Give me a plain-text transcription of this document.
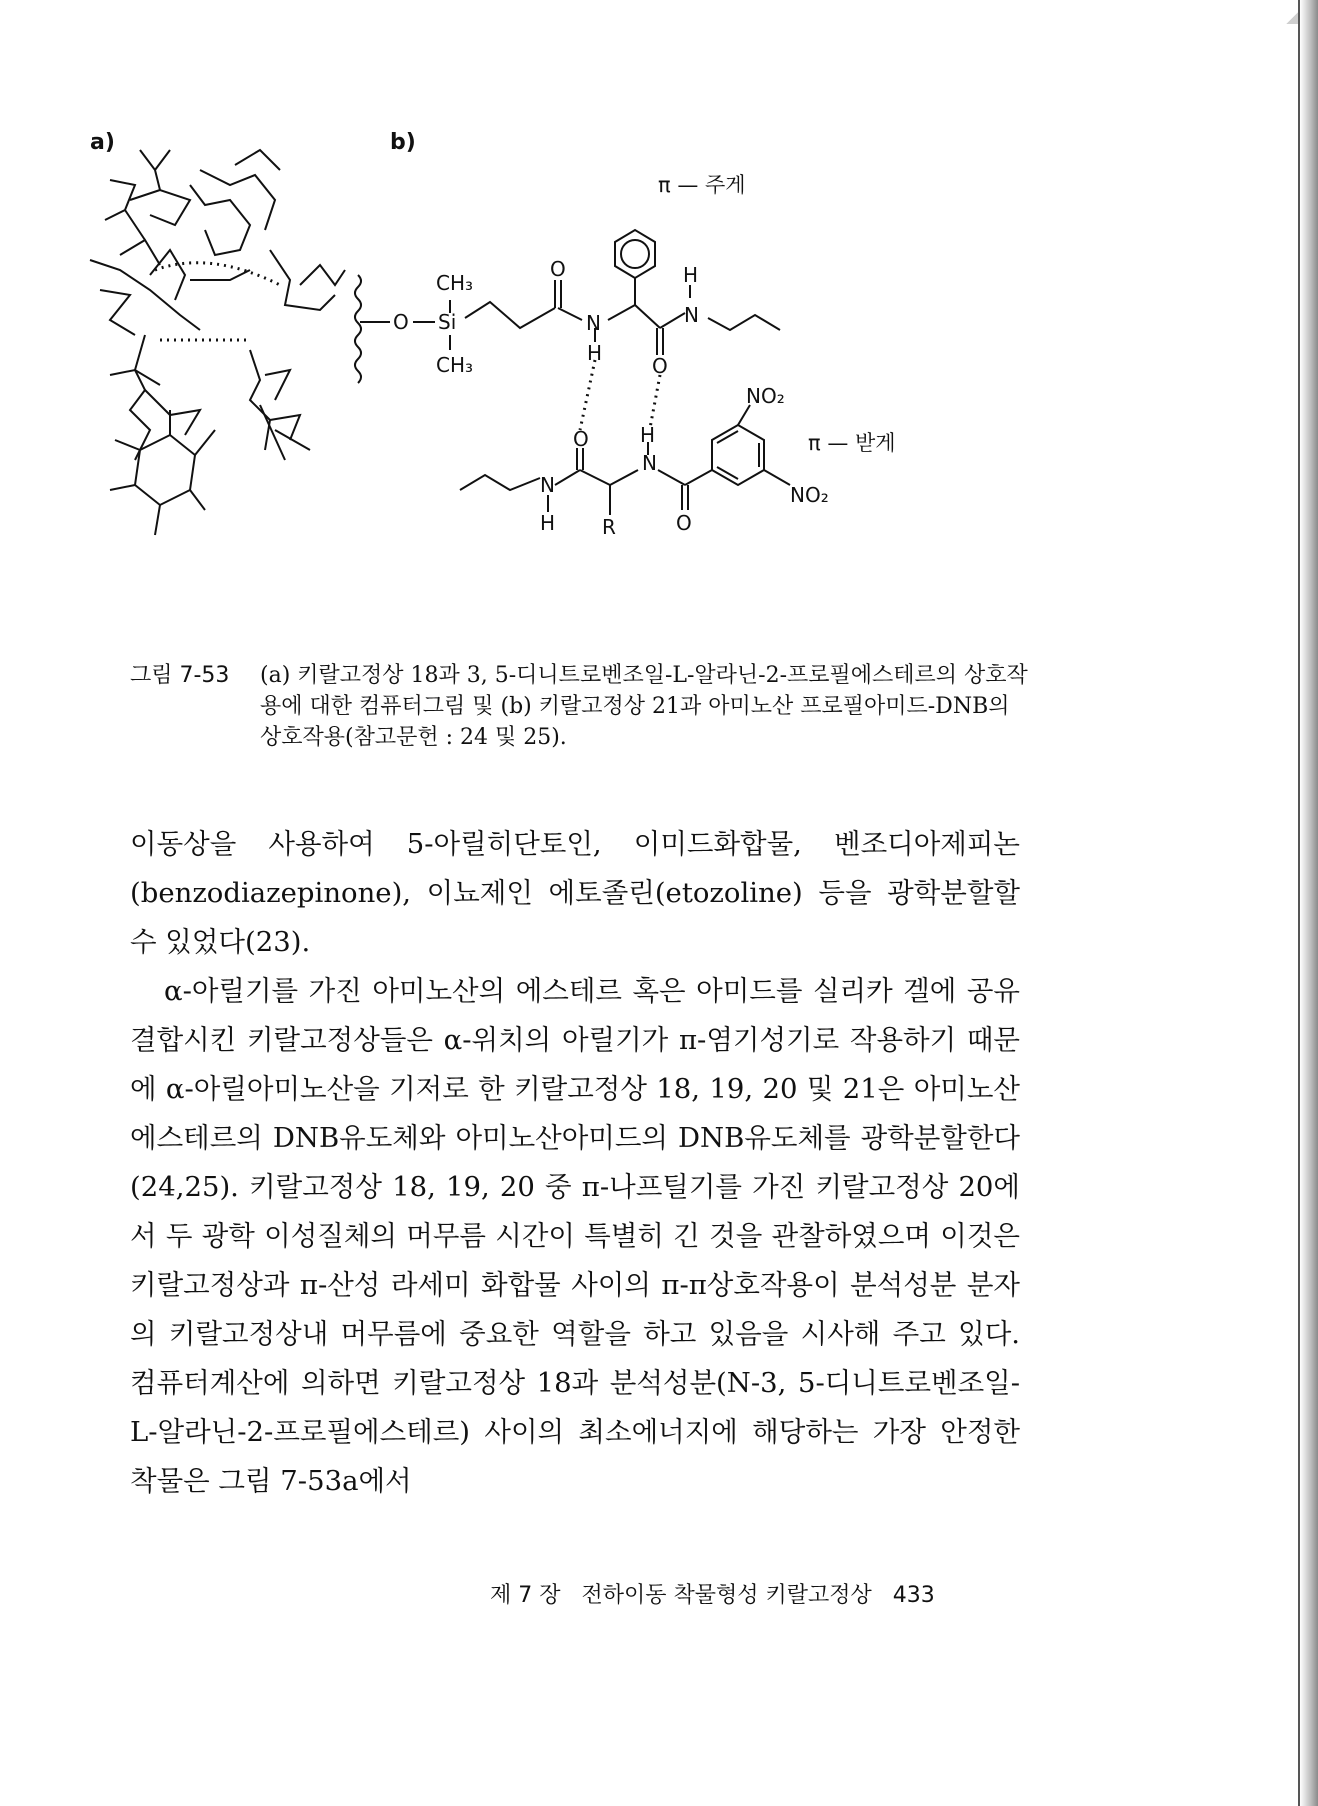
a)	b)
CH₃
CH₃
O Si
O
N
H
H
N
O
NO₂
NO₂
O	H
N
N
H R	O
π — 주게
π — 받게
그림 7-53 (a) 키랄고정상 18과 3, 5-디니트로벤조일-L-알라닌-2-프로필에스테르의 상호작용에 대한 컴퓨터그림 및 (b) 키랄고정상 21과 아미노산 프로필아미드-DNB의 상호작용(참고문헌 : 24 및 25).

이동상을 사용하여 5-아릴히단토인, 이미드화합물, 벤조디아제피논(benzodiazepinone), 이뇨제인 에토졸린(etozoline) 등을 광학분할할 수 있었다(23).

α-아릴기를 가진 아미노산의 에스테르 혹은 아미드를 실리카 겔에 공유결합시킨 키랄고정상들은 α-위치의 아릴기가 π-염기성기로 작용하기 때문에 α-아릴아미노산을 기저로 한 키랄고정상 18, 19, 20 및 21은 아미노산에스테르의 DNB유도체와 아미노산아미드의 DNB유도체를 광학분할한다(24,25). 키랄고정상 18, 19, 20 중 π-나프틸기를 가진 키랄고정상 20에서 두 광학 이성질체의 머무름 시간이 특별히 긴 것을 관찰하였으며 이것은 키랄고정상과 π-산성 라세미 화합물 사이의 π-π상호작용이 분석성분 분자의 키랄고정상내 머무름에 중요한 역할을 하고 있음을 시사해 주고 있다. 컴퓨터계산에 의하면 키랄고정상 18과 분석성분(N-3, 5-디니트로벤조일-L-알라닌-2-프로필에스테르) 사이의 최소에너지에 해당하는 가장 안정한 착물은 그림 7-53a에서

제 7 장 전하이동 착물형성 키랄고정상 433
